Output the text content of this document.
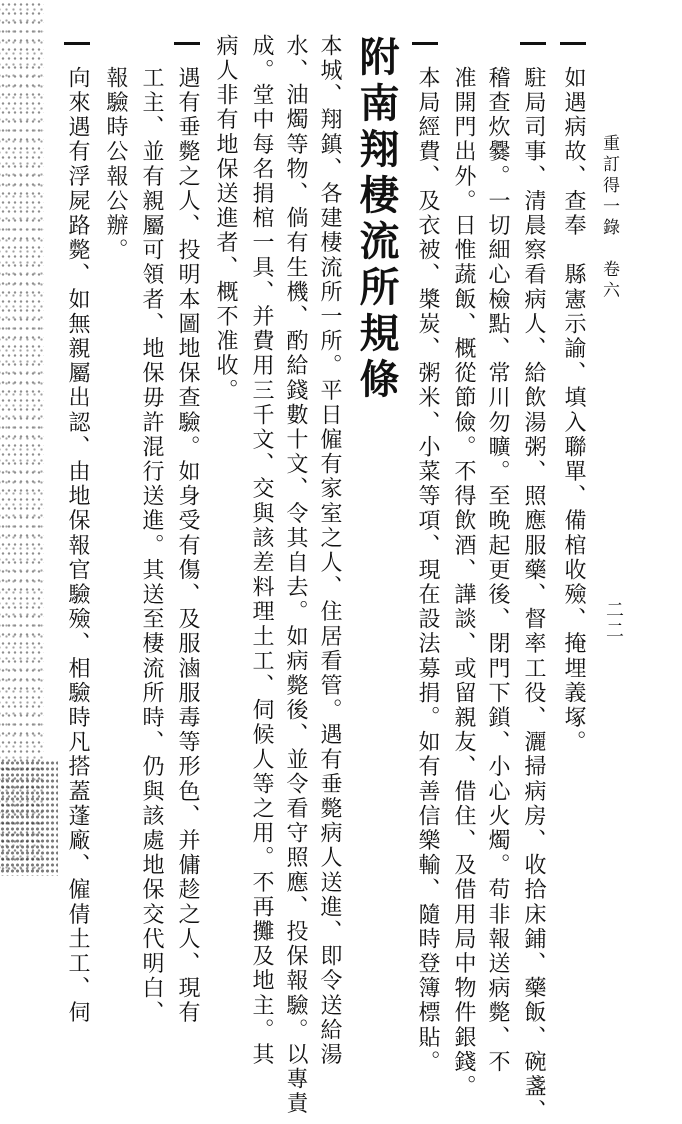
重訂得一錄　卷六
二二
如遇病故、查奉　縣憲示諭、填入聯單、備棺收殮、掩埋義塚。
駐局司事、清晨察看病人、給飲湯粥、照應服藥、督率工役、灑掃病房、收拾床鋪、藥飯、碗盞、
稽查炊爨。一切細心檢點、常川勿曠。至晚起更後、閉門下鎖、小心火燭。苟非報送病斃、不
准開門出外。日惟蔬飯、概從節儉。不得飲酒、譁談、或留親友、借住、及借用局中物件銀錢。
本局經費、及衣被、槳炭、粥米、小菜等項、現在設法募捐。如有善信樂輸、隨時登簿標貼。
附南翔棲流所規條
本城、翔鎮、各建棲流所一所。平日僱有家室之人、住居看管。遇有垂斃病人送進、即令送給湯
水、油燭等物、倘有生機、酌給錢數十文、令其自去。如病斃後、並令看守照應、投保報驗。以專責
成。堂中每名捐棺一具、并費用三千文、交與該差料理土工、伺候人等之用。不再攤及地主。其
病人非有地保送進者、概不准收。
遇有垂斃之人、投明本圖地保查驗。如身受有傷、及服滷服毒等形色、并傭趁之人、現有
工主、並有親屬可領者、地保毋許混行送進。其送至棲流所時、仍與該處地保交代明白、
報驗時公報公辦。
向來遇有浮屍路斃、如無親屬出認、由地保報官驗殮、相驗時凡搭蓋蓬廠、僱倩土工、伺
